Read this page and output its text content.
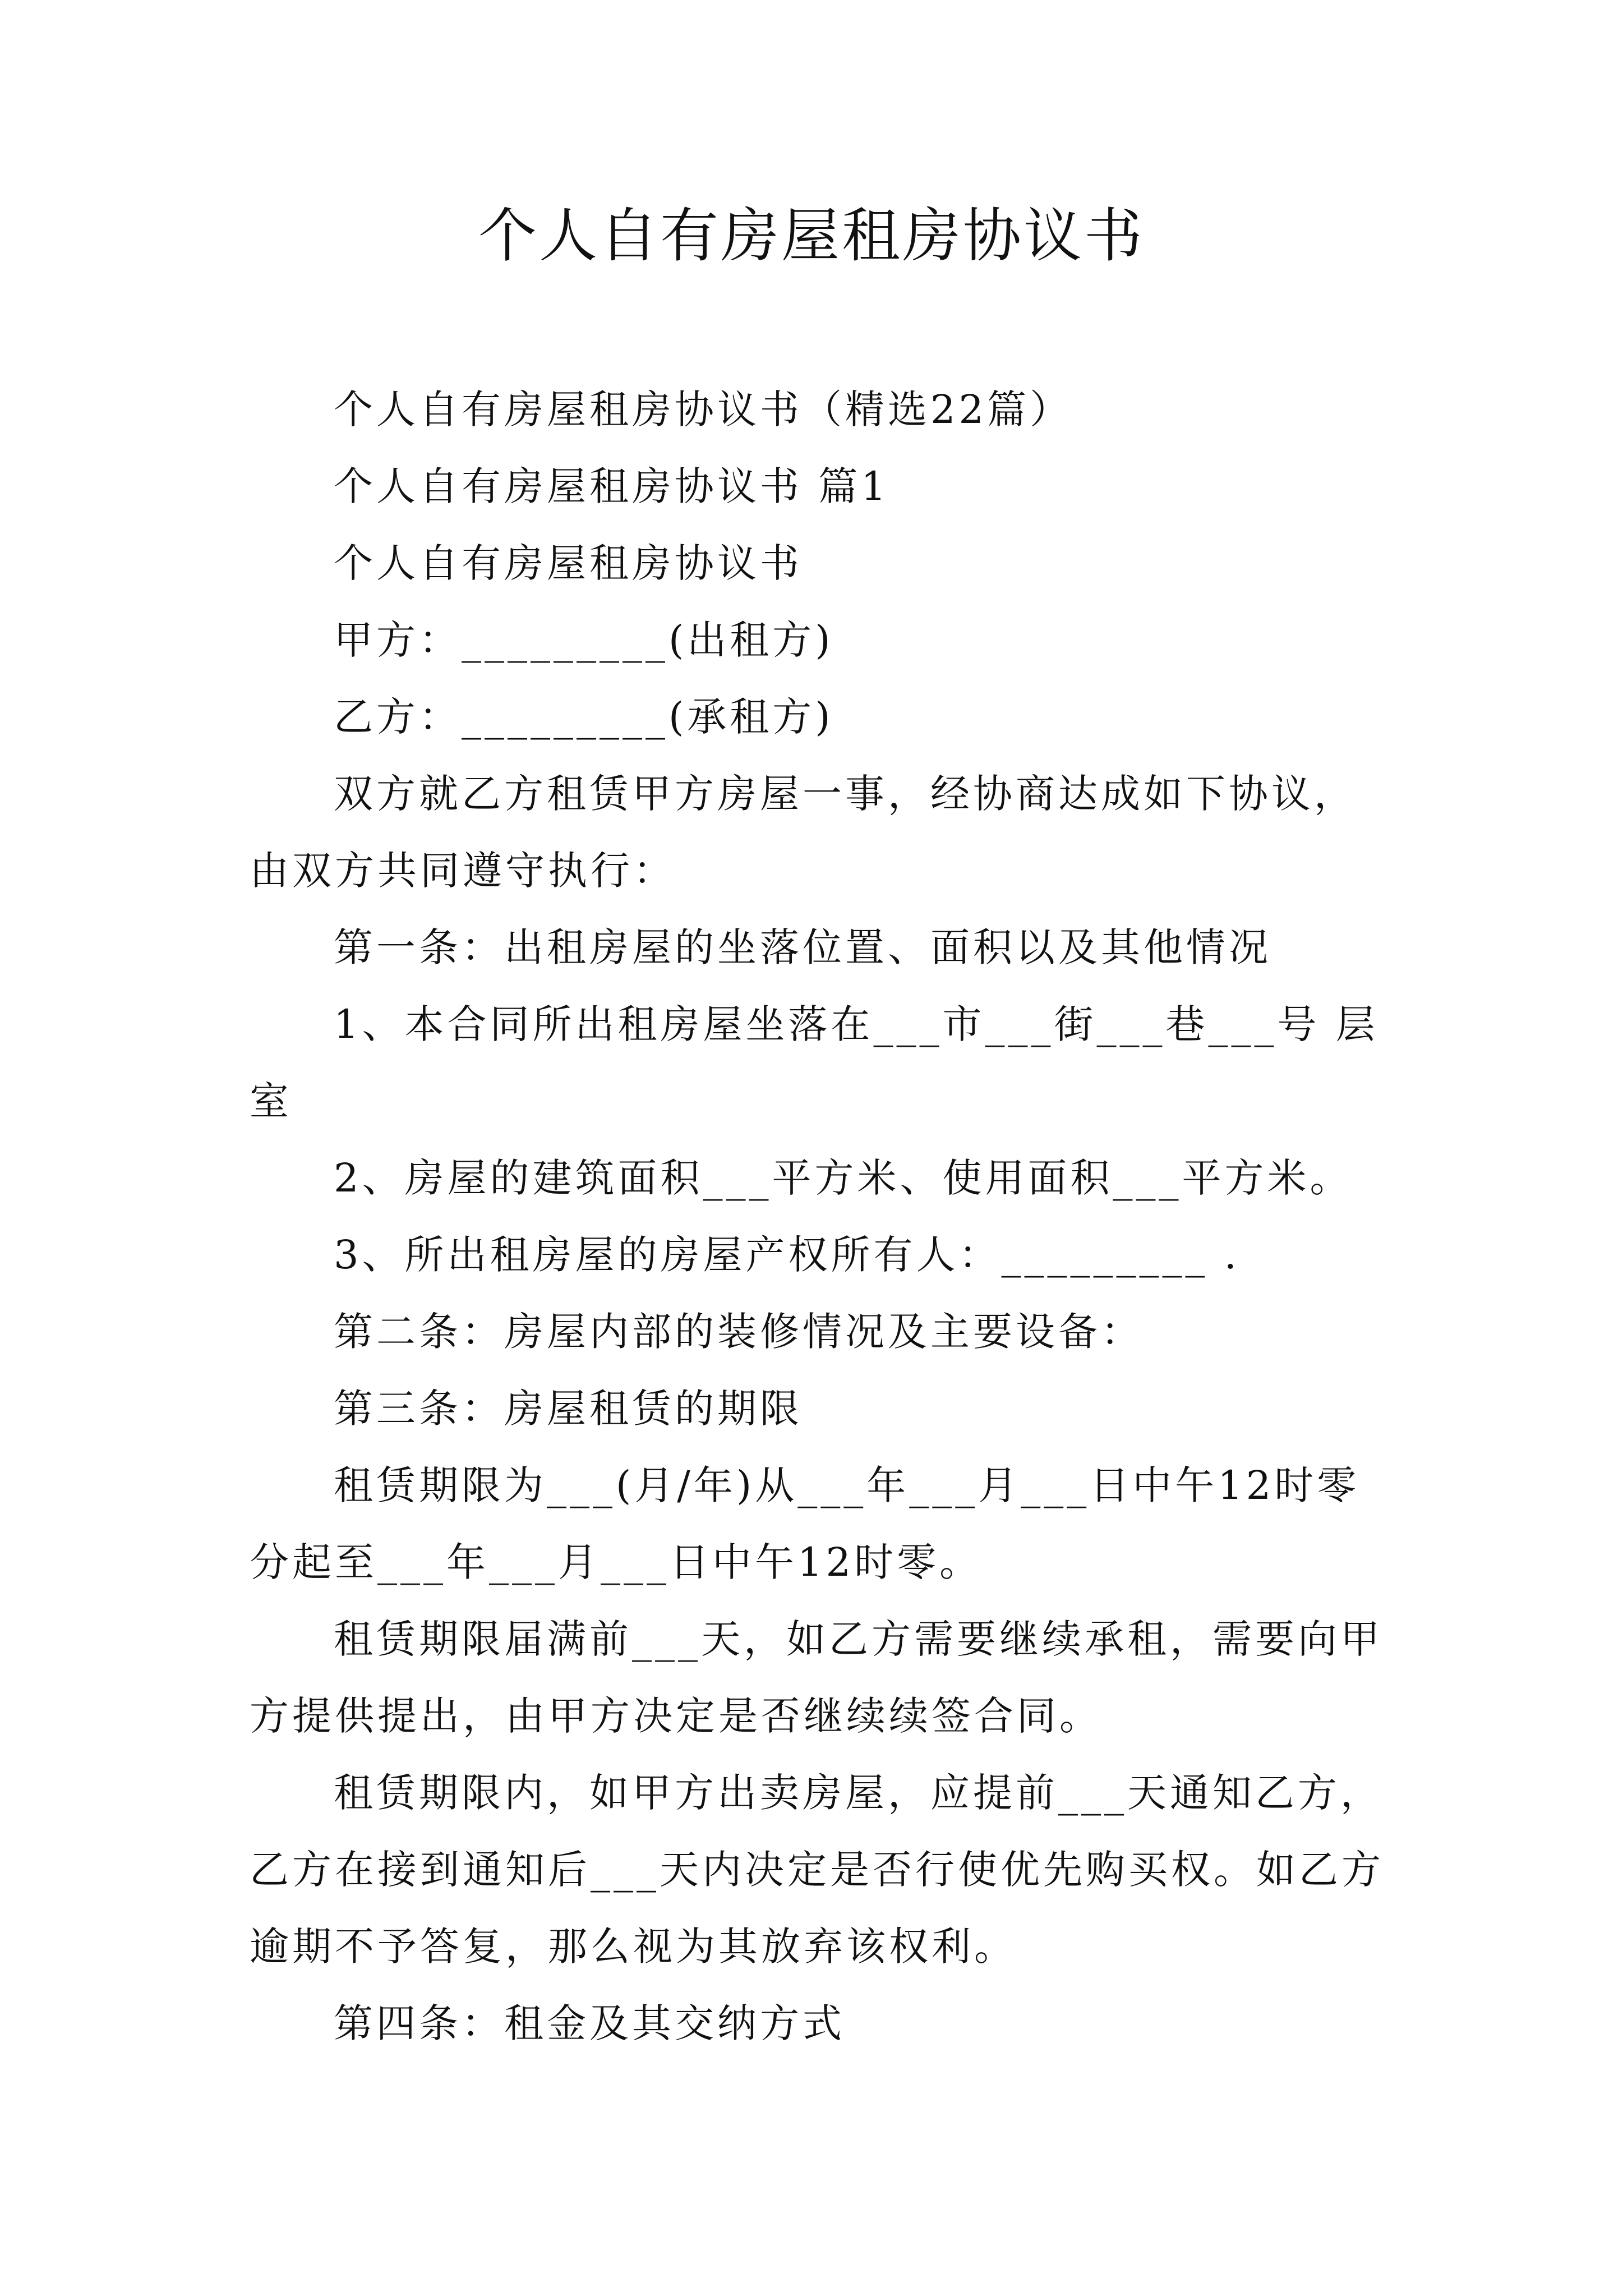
个人自有房屋租房协议书

个人自有房屋租房协议书（精选22篇）

个人自有房屋租房协议书 篇1

个人自有房屋租房协议书

甲方：_________(出租方)

乙方：_________(承租方)

双方就乙方租赁甲方房屋一事，经协商达成如下协议，由双方共同遵守执行：

第一条：出租房屋的坐落位置、面积以及其他情况

1、本合同所出租房屋坐落在___市___街___巷___号 层室

2、房屋的建筑面积___平方米、使用面积___平方米。

3、所出租房屋的房屋产权所有人：_________ .

第二条：房屋内部的装修情况及主要设备：

第三条：房屋租赁的期限

租赁期限为___(月/年)从___年___月___日中午12时零分起至___年___月___日中午12时零。

租赁期限届满前___天，如乙方需要继续承租，需要向甲方提供提出，由甲方决定是否继续续签合同。

租赁期限内，如甲方出卖房屋，应提前___天通知乙方，乙方在接到通知后___天内决定是否行使优先购买权。如乙方逾期不予答复，那么视为其放弃该权利。

第四条：租金及其交纳方式
